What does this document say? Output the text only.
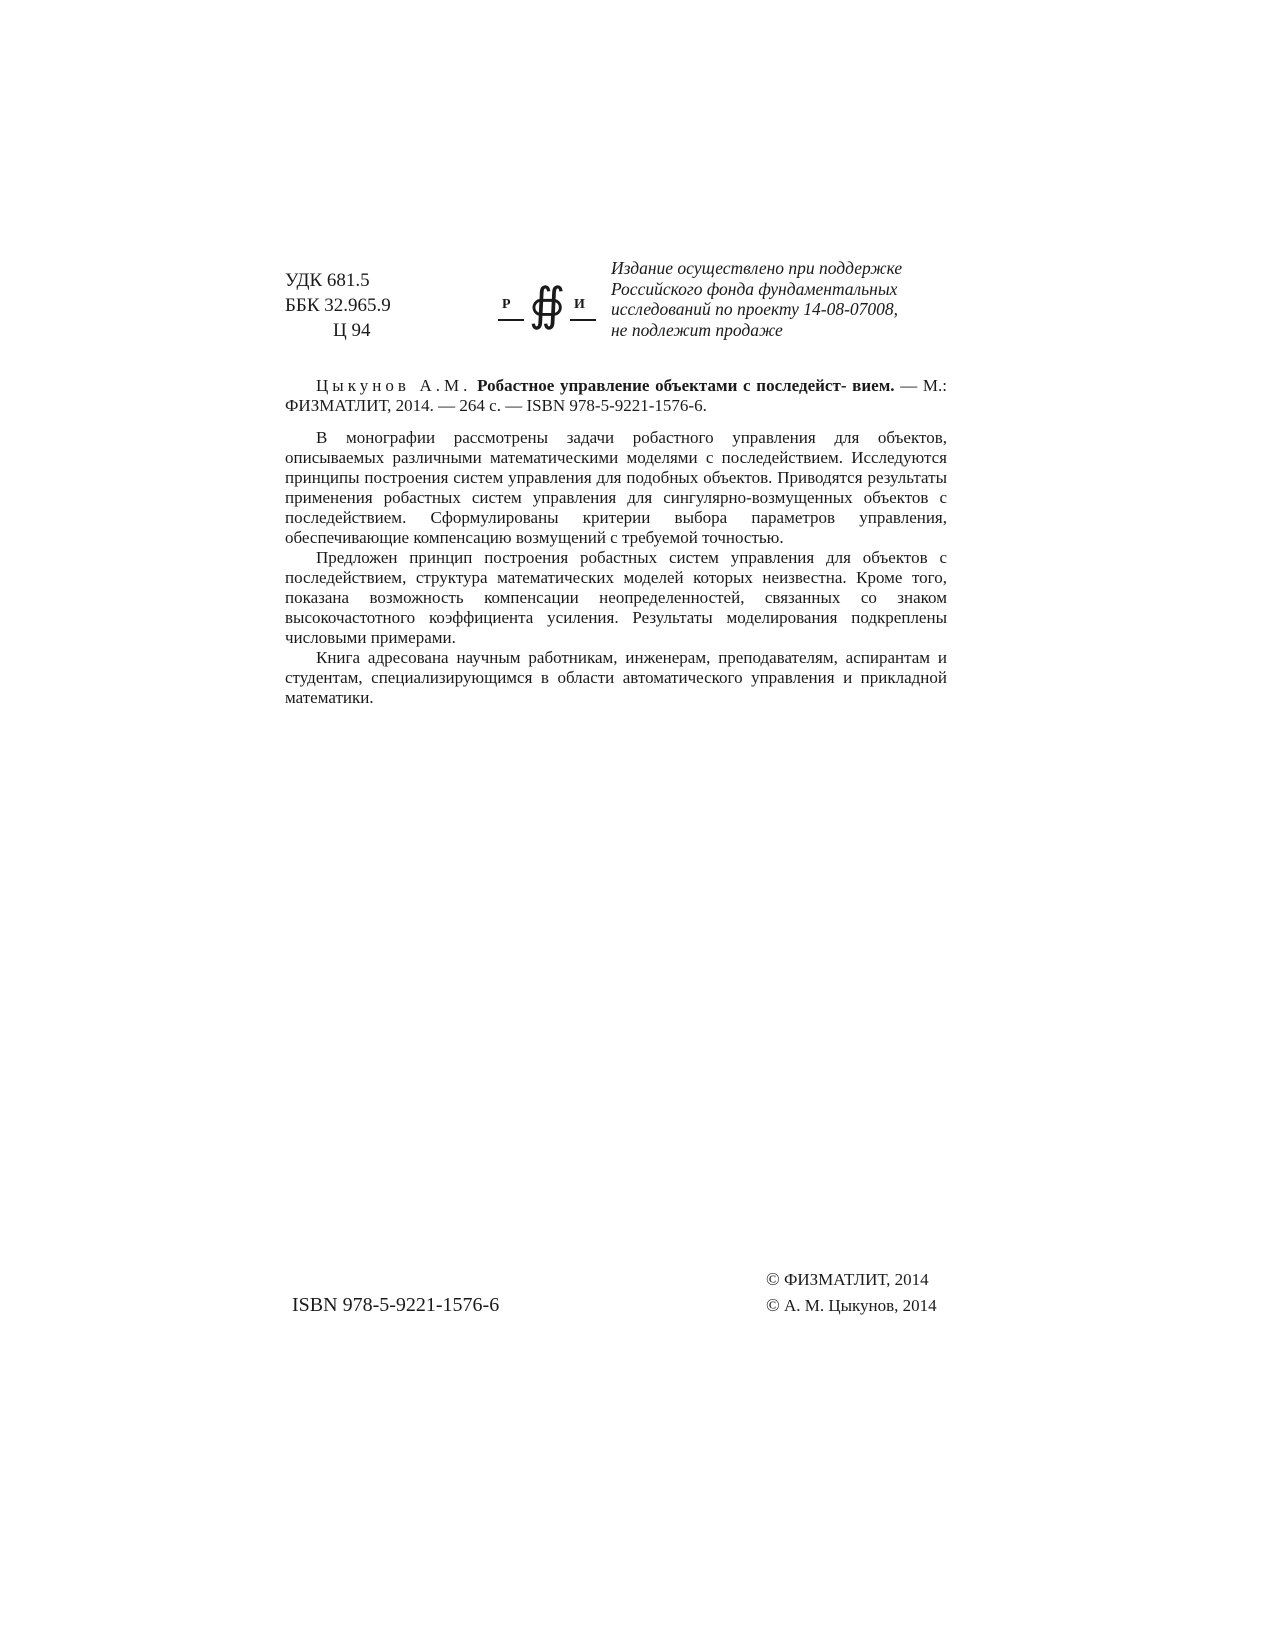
УДК 681.5
ББК 32.965.9
Ц 94
Р ∯ И
Издание осуществлено при поддержке
Российского фонда фундаментальных
исследований по проекту 14-08-07008,
не подлежит продаже

Цыкунов А.М. Робастное управление объектами с последейст- вием. — М.: ФИЗМАТЛИТ, 2014. — 264 с. — ISBN 978-5-9221-1576-6.

В монографии рассмотрены задачи робастного управления для объектов, описываемых различными математическими моделями с последействием. Исследуются принципы построения систем управления для подобных объектов. Приводятся результаты применения робастных систем управления для сингулярно-возмущенных объектов с последействием. Сформулированы критерии выбора параметров управления, обеспечивающие компенсацию возмущений с требуемой точностью.

Предложен принцип построения робастных систем управления для объектов с последействием, структура математических моделей которых неизвестна. Кроме того, показана возможность компенсации неопределенностей, связанных со знаком высокочастотного коэффициента усиления. Результаты моделирования подкреплены числовыми примерами.

Книга адресована научным работникам, инженерам, преподавателям, аспирантам и студентам, специализирующимся в области автоматического управления и прикладной математики.

ISBN 978-5-9221-1576-6
© ФИЗМАТЛИТ, 2014
© А. М. Цыкунов, 2014
